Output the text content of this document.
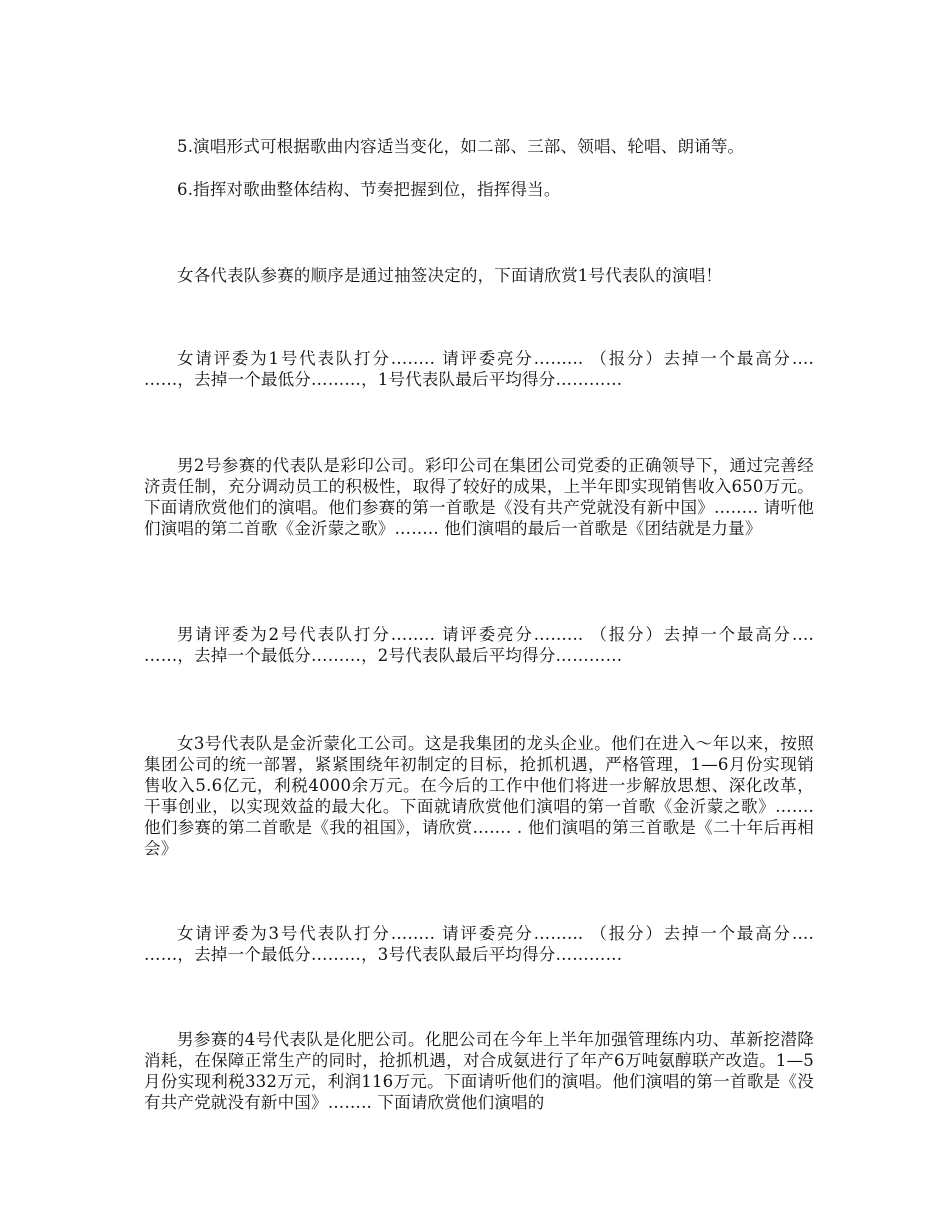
5.演唱形式可根据歌曲内容适当变化，如二部、三部、领唱、轮唱、朗诵等。

6.指挥对歌曲整体结构、节奏把握到位，指挥得当。

女各代表队参赛的顺序是通过抽签决定的，下面请欣赏1号代表队的演唱！

女请评委为1号代表队打分…….. 请评委亮分……... （报分）去掉一个最高分…. ……，去掉一个最低分………，1号代表队最后平均得分…………

男2号参赛的代表队是彩印公司。彩印公司在集团公司党委的正确领导下，通过完善经济责任制，充分调动员工的积极性，取得了较好的成果，上半年即实现销售收入650万元。下面请欣赏他们的演唱。他们参赛的第一首歌是《没有共产党就没有新中国》…….. 请听他们演唱的第二首歌《金沂蒙之歌》…….. 他们演唱的最后一首歌是《团结就是力量》

男请评委为2号代表队打分…….. 请评委亮分……... （报分）去掉一个最高分…. ……，去掉一个最低分………，2号代表队最后平均得分…………

女3号代表队是金沂蒙化工公司。这是我集团的龙头企业。他们在进入～年以来，按照集团公司的统一部署，紧紧围绕年初制定的目标，抢抓机遇，严格管理，1—6月份实现销售收入5.6亿元，利税4000余万元。在今后的工作中他们将进一步解放思想、深化改革，干事创业，以实现效益的最大化。下面就请欣赏他们演唱的第一首歌《金沂蒙之歌》……. 他们参赛的第二首歌是《我的祖国》，请欣赏……. . 他们演唱的第三首歌是《二十年后再相会》

女请评委为3号代表队打分…….. 请评委亮分……... （报分）去掉一个最高分…. ……，去掉一个最低分………，3号代表队最后平均得分…………

男参赛的4号代表队是化肥公司。化肥公司在今年上半年加强管理练内功、革新挖潜降消耗，在保障正常生产的同时，抢抓机遇，对合成氨进行了年产6万吨氨醇联产改造。1—5月份实现利税332万元，利润116万元。下面请听他们的演唱。他们演唱的第一首歌是《没有共产党就没有新中国》…….. 下面请欣赏他们演唱的
